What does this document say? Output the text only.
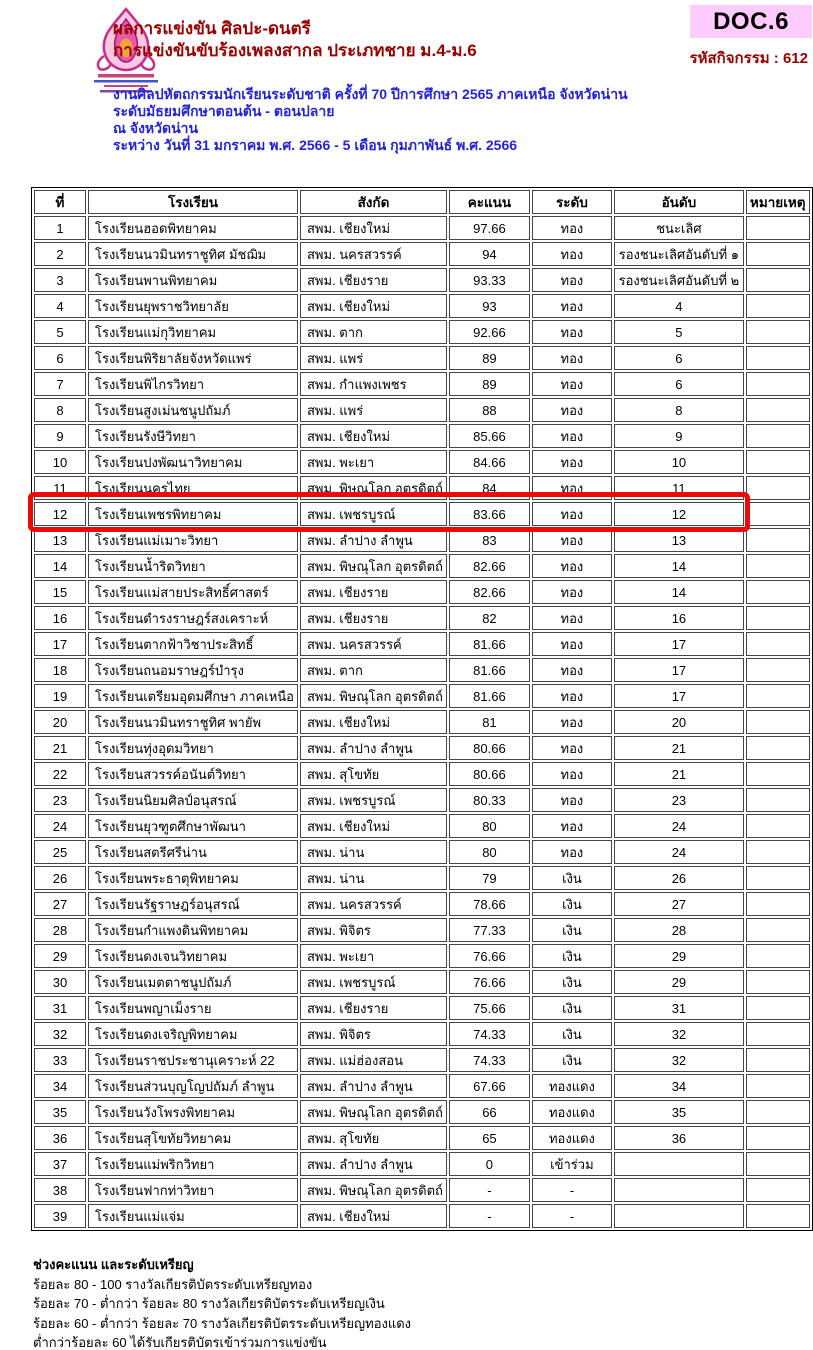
ผลการแข่งขัน ศิลปะ-ดนตรี
การแข่งขันขับร้องเพลงสากล ประเภทชาย ม.4-ม.6
DOC.6
รหัสกิจกรรม : 612
งานศิลปหัตถกรรมนักเรียนระดับชาติ ครั้งที่ 70 ปีการศึกษา 2565 ภาคเหนือ จังหวัดน่าน
ระดับมัธยมศึกษาตอนต้น - ตอนปลาย
ณ จังหวัดน่าน
ระหว่าง วันที่ 31 มกราคม พ.ศ. 2566 - 5 เดือน กุมภาพันธ์ พ.ศ. 2566
ที่	โรงเรียน	สังกัด	คะแนน	ระดับ	อันดับ	หมายเหตุ
1	โรงเรียนฮอดพิทยาคม	สพม. เชียงใหม่	97.66	ทอง	ชนะเลิศ	
2	โรงเรียนนวมินทราชูทิศ มัชฌิม	สพม. นครสวรรค์	94	ทอง	รองชนะเลิศอันดับที่ ๑	
3	โรงเรียนพานพิทยาคม	สพม. เชียงราย	93.33	ทอง	รองชนะเลิศอันดับที่ ๒	
4	โรงเรียนยุพราชวิทยาลัย	สพม. เชียงใหม่	93	ทอง	4	
5	โรงเรียนแม่กุวิทยาคม	สพม. ตาก	92.66	ทอง	5	
6	โรงเรียนพิริยาลัยจังหวัดแพร่	สพม. แพร่	89	ทอง	6	
7	โรงเรียนพิไกรวิทยา	สพม. กำแพงเพชร	89	ทอง	6	
8	โรงเรียนสูงเม่นชนูปถัมภ์	สพม. แพร่	88	ทอง	8	
9	โรงเรียนรังษีวิทยา	สพม. เชียงใหม่	85.66	ทอง	9	
10	โรงเรียนปงพัฒนาวิทยาคม	สพม. พะเยา	84.66	ทอง	10	
11	โรงเรียนนครไทย	สพม. พิษณุโลก อุตรดิตถ์	84	ทอง	11	
12	โรงเรียนเพชรพิทยาคม	สพม. เพชรบูรณ์	83.66	ทอง	12	
13	โรงเรียนแม่เมาะวิทยา	สพม. ลำปาง ลำพูน	83	ทอง	13	
14	โรงเรียนน้ำริดวิทยา	สพม. พิษณุโลก อุตรดิตถ์	82.66	ทอง	14	
15	โรงเรียนแม่สายประสิทธิ์ศาสตร์	สพม. เชียงราย	82.66	ทอง	14	
16	โรงเรียนดำรงราษฎร์สงเคราะห์	สพม. เชียงราย	82	ทอง	16	
17	โรงเรียนตากฟ้าวิชาประสิทธิ์	สพม. นครสวรรค์	81.66	ทอง	17	
18	โรงเรียนถนอมราษฎร์บำรุง	สพม. ตาก	81.66	ทอง	17	
19	โรงเรียนเตรียมอุดมศึกษา ภาคเหนือ	สพม. พิษณุโลก อุตรดิตถ์	81.66	ทอง	17	
20	โรงเรียนนวมินทราชูทิศ พายัพ	สพม. เชียงใหม่	81	ทอง	20	
21	โรงเรียนทุ่งอุดมวิทยา	สพม. ลำปาง ลำพูน	80.66	ทอง	21	
22	โรงเรียนสวรรค์อนันต์วิทยา	สพม. สุโขทัย	80.66	ทอง	21	
23	โรงเรียนนิยมศิลป์อนุสรณ์	สพม. เพชรบูรณ์	80.33	ทอง	23	
24	โรงเรียนยุวฑูตศึกษาพัฒนา	สพม. เชียงใหม่	80	ทอง	24	
25	โรงเรียนสตรีศรีน่าน	สพม. น่าน	80	ทอง	24	
26	โรงเรียนพระธาตุพิทยาคม	สพม. น่าน	79	เงิน	26	
27	โรงเรียนรัฐราษฎร์อนุสรณ์	สพม. นครสวรรค์	78.66	เงิน	27	
28	โรงเรียนกำแพงดินพิทยาคม	สพม. พิจิตร	77.33	เงิน	28	
29	โรงเรียนดงเจนวิทยาคม	สพม. พะเยา	76.66	เงิน	29	
30	โรงเรียนเมตตาชนูปถัมภ์	สพม. เพชรบูรณ์	76.66	เงิน	29	
31	โรงเรียนพญาเม็งราย	สพม. เชียงราย	75.66	เงิน	31	
32	โรงเรียนดงเจริญพิทยาคม	สพม. พิจิตร	74.33	เงิน	32	
33	โรงเรียนราชประชานุเคราะห์ 22	สพม. แม่ฮ่องสอน	74.33	เงิน	32	
34	โรงเรียนส่วนบุญโญปถัมภ์ ลำพูน	สพม. ลำปาง ลำพูน	67.66	ทองแดง	34	
35	โรงเรียนวังโพรงพิทยาคม	สพม. พิษณุโลก อุตรดิตถ์	66	ทองแดง	35	
36	โรงเรียนสุโขทัยวิทยาคม	สพม. สุโขทัย	65	ทองแดง	36	
37	โรงเรียนแม่พริกวิทยา	สพม. ลำปาง ลำพูน	0	เข้าร่วม		
38	โรงเรียนฟากท่าวิทยา	สพม. พิษณุโลก อุตรดิตถ์	-	-		
39	โรงเรียนแม่แจ่ม	สพม. เชียงใหม่	-	-		
ช่วงคะแนน และระดับเหรียญ
ร้อยละ 80 - 100 รางวัลเกียรติบัตรระดับเหรียญทอง
ร้อยละ 70 - ต่ำกว่า ร้อยละ 80 รางวัลเกียรติบัตรระดับเหรียญเงิน
ร้อยละ 60 - ต่ำกว่า ร้อยละ 70 รางวัลเกียรติบัตรระดับเหรียญทองแดง
ต่ำกว่าร้อยละ 60 ได้รับเกียรติบัตรเข้าร่วมการแข่งขัน
